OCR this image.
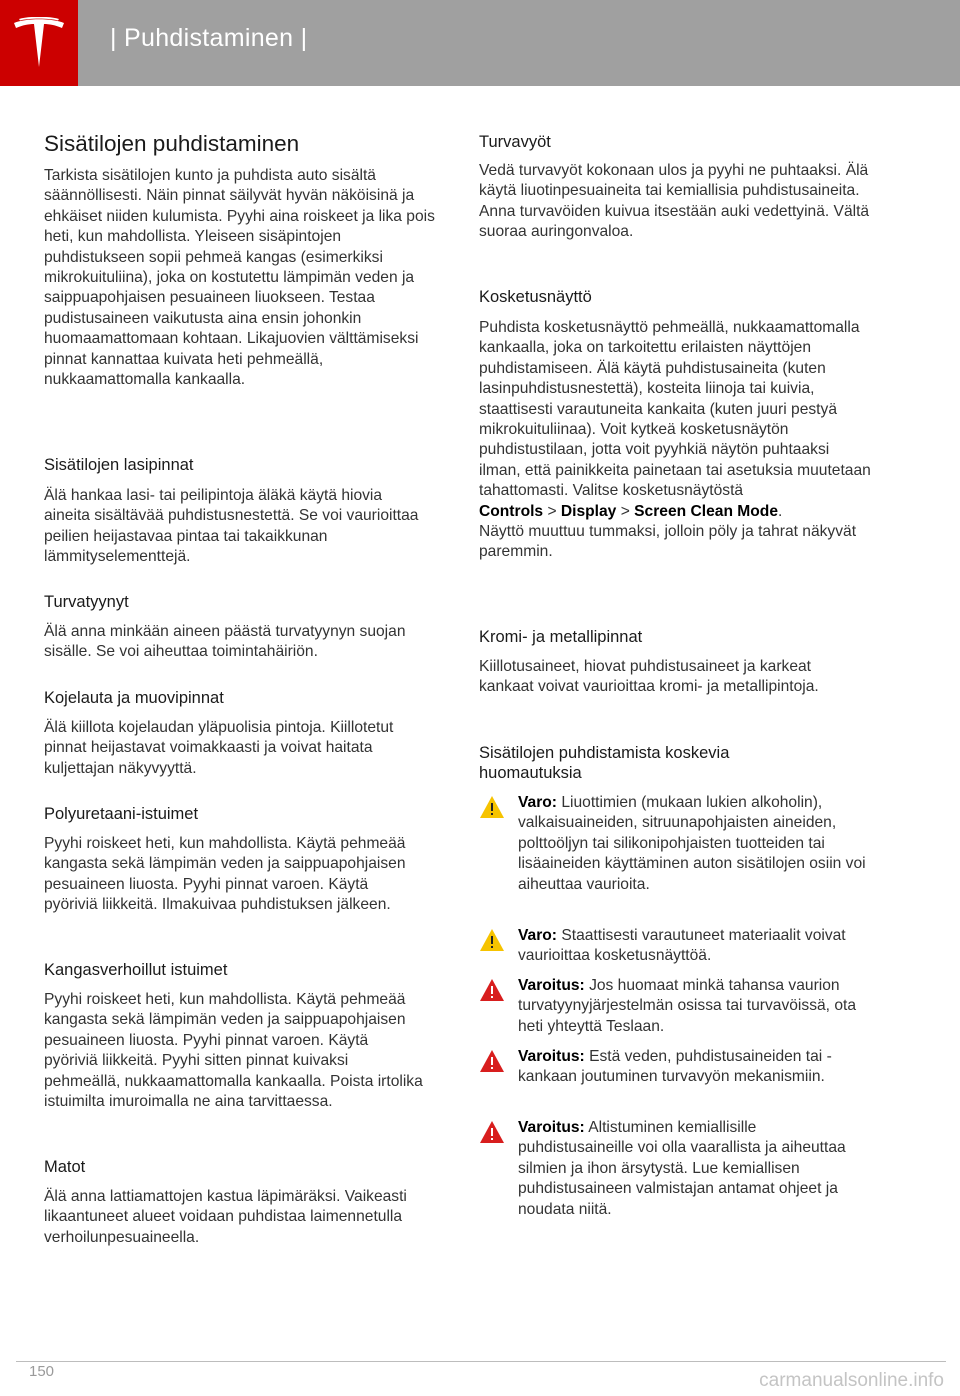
| Puhdistaminen |
Sisätilojen puhdistaminen

Tarkista sisätilojen kunto ja puhdista auto sisältä säännöllisesti. Näin pinnat säilyvät hyvän näköisinä ja ehkäiset niiden kulumista. Pyyhi aina roiskeet ja lika pois heti, kun mahdollista. Yleiseen sisäpintojen puhdistukseen sopii pehmeä kangas (esimerkiksi mikrokuituliina), joka on kostutettu lämpimän veden ja saippuapohjaisen pesuaineen liuokseen. Testaa pudistusaineen vaikutusta aina ensin johonkin huomaamattomaan kohtaan. Likajuovien välttämiseksi pinnat kannattaa kuivata heti pehmeällä, nukkaamattomalla kankaalla.

Sisätilojen lasipinnat

Älä hankaa lasi- tai peilipintoja äläkä käytä hiovia aineita sisältävää puhdistusnestettä. Se voi vaurioittaa peilien heijastavaa pintaa tai takaikkunan lämmityselementtejä.

Turvatyynyt

Älä anna minkään aineen päästä turvatyynyn suojan sisälle. Se voi aiheuttaa toimintahäiriön.

Kojelauta ja muovipinnat

Älä kiillota kojelaudan yläpuolisia pintoja. Kiillotetut pinnat heijastavat voimakkaasti ja voivat haitata kuljettajan näkyvyyttä.

Polyuretaani-istuimet

Pyyhi roiskeet heti, kun mahdollista. Käytä pehmeää kangasta sekä lämpimän veden ja saippuapohjaisen pesuaineen liuosta. Pyyhi pinnat varoen. Käytä pyöriviä liikkeitä. Ilmakuivaa puhdistuksen jälkeen.

Kangasverhoillut istuimet

Pyyhi roiskeet heti, kun mahdollista. Käytä pehmeää kangasta sekä lämpimän veden ja saippuapohjaisen pesuaineen liuosta. Pyyhi pinnat varoen. Käytä pyöriviä liikkeitä. Pyyhi sitten pinnat kuivaksi pehmeällä, nukkaamattomalla kankaalla. Poista irtolika istuimilta imuroimalla ne aina tarvittaessa.

Matot

Älä anna lattiamattojen kastua läpimäräksi. Vaikeasti likaantuneet alueet voidaan puhdistaa laimennetulla verhoilunpesuaineella.

Turvavyöt

Vedä turvavyöt kokonaan ulos ja pyyhi ne puhtaaksi. Älä käytä liuotinpesuaineita tai kemiallisia puhdistusaineita. Anna turvavöiden kuivua itsestään auki vedettyinä. Vältä suoraa auringonvaloa.

Kosketusnäyttö

Puhdista kosketusnäyttö pehmeällä, nukkaamattomalla kankaalla, joka on tarkoitettu erilaisten näyttöjen puhdistamiseen. Älä käytä puhdistusaineita (kuten lasinpuhdistusnestettä), kosteita liinoja tai kuivia, staattisesti varautuneita kankaita (kuten juuri pestyä mikrokuituliinaa). Voit kytkeä kosketusnäytön puhdistustilaan, jotta voit pyyhkiä näytön puhtaaksi ilman, että painikkeita painetaan tai asetuksia muutetaan tahattomasti. Valitse kosketusnäytöstä
Controls > Display > Screen Clean Mode.
Näyttö muuttuu tummaksi, jolloin pöly ja tahrat näkyvät paremmin.

Kromi- ja metallipinnat

Kiillotusaineet, hiovat puhdistusaineet ja karkeat kankaat voivat vaurioittaa kromi- ja metallipintoja.

Sisätilojen puhdistamista koskevia huomautuksia
Varo: Liuottimien (mukaan lukien alkoholin), valkaisuaineiden, sitruunapohjaisten aineiden, polttoöljyn tai silikonipohjaisten tuotteiden tai lisäaineiden käyttäminen auton sisätilojen osiin voi aiheuttaa vaurioita.
Varo: Staattisesti varautuneet materiaalit voivat vaurioittaa kosketusnäyttöä.
Varoitus: Jos huomaat minkä tahansa vaurion turvatyynyjärjestelmän osissa tai turvavöissä, ota heti yhteyttä Teslaan.
Varoitus: Estä veden, puhdistusaineiden tai -kankaan joutuminen turvavyön mekanismiin.
Varoitus: Altistuminen kemiallisille puhdistusaineille voi olla vaarallista ja aiheuttaa silmien ja ihon ärsytystä. Lue kemiallisen puhdistusaineen valmistajan antamat ohjeet ja noudata niitä.
150	carmanualsonline.info
